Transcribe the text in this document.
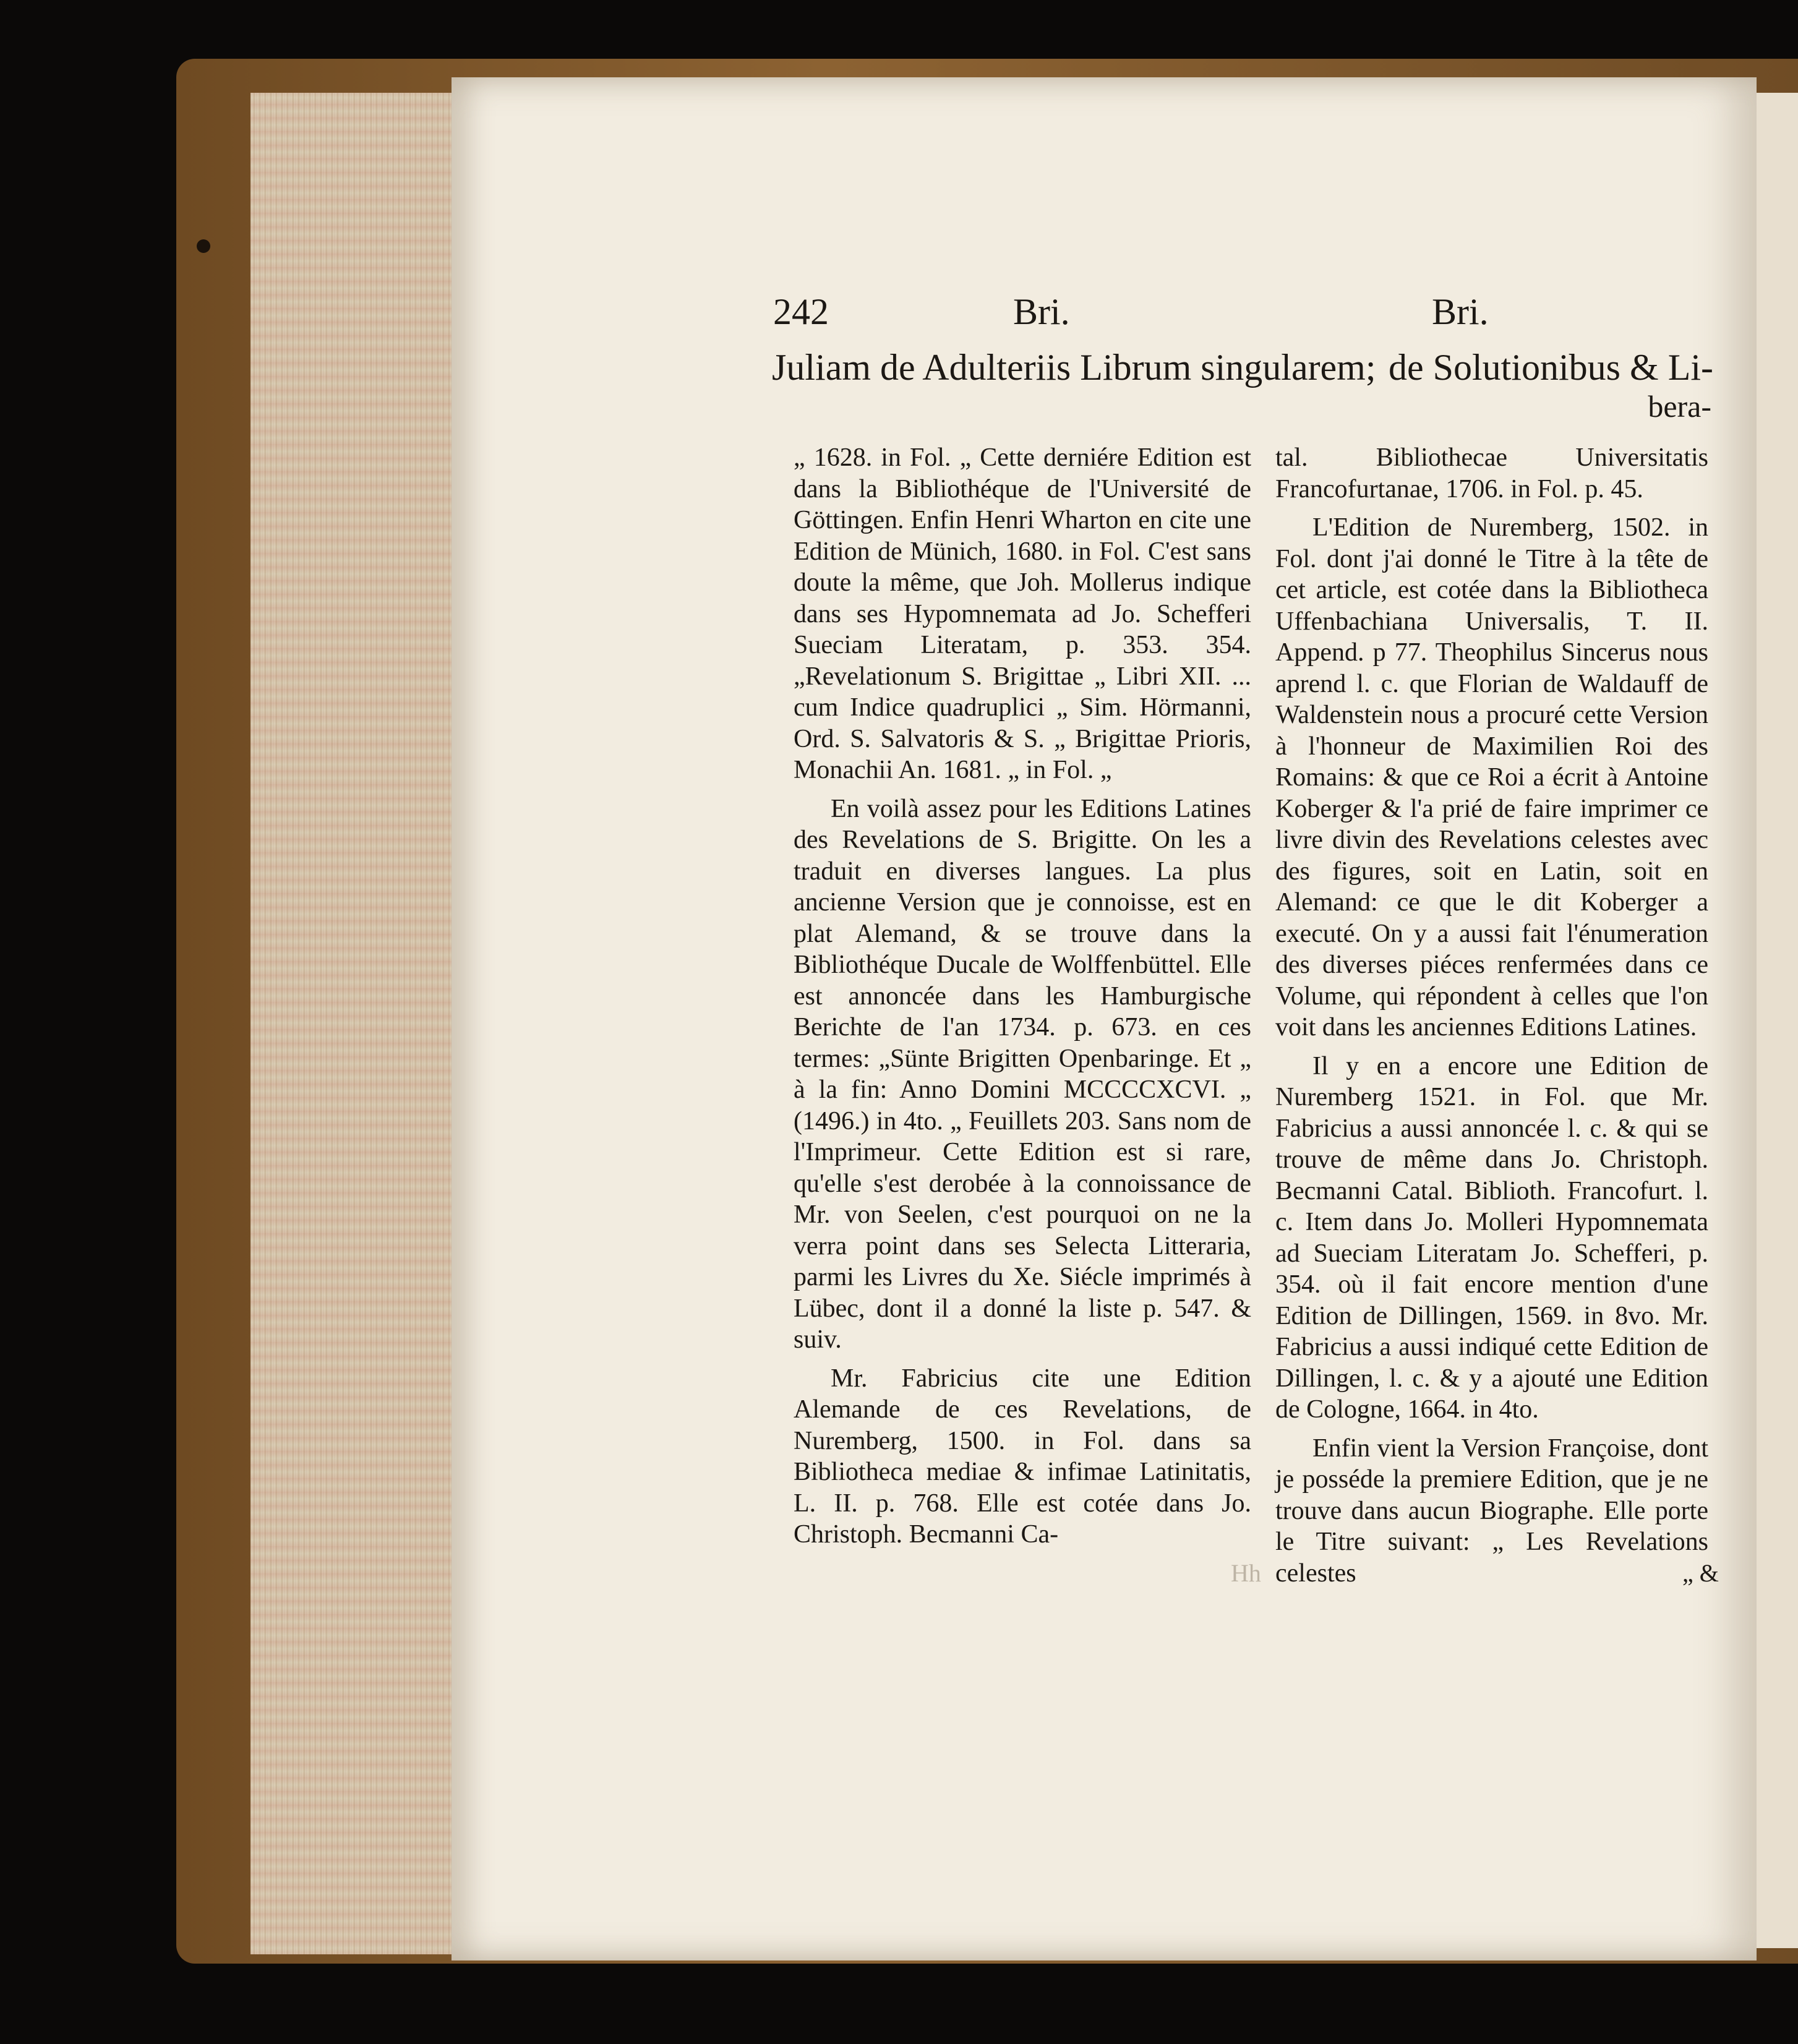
242	Bri.	Bri.
Juliam de Adulteriis Librum singularem; de Solutionibus & Li-
bera-

„ 1628. in Fol. „ Cette derniére Edition est dans la Bibliothéque de l'Université de Göttingen. Enfin Henri Wharton en cite une Edition de Münich, 1680. in Fol. C'est sans doute la même, que Joh. Mollerus indique dans ses Hypomnemata ad Jo. Schefferi Sueciam Literatam, p. 353. 354. „Revelationum S. Brigittae „ Libri XII. ... cum Indice quadruplici „ Sim. Hörmanni, Ord. S. Salvatoris & S. „ Brigittae Prioris, Monachii An. 1681. „ in Fol. „

En voilà assez pour les Editions Latines des Revelations de S. Brigitte. On les a traduit en diverses langues. La plus ancienne Version que je connoisse, est en plat Alemand, & se trouve dans la Bibliothéque Ducale de Wolffenbüttel. Elle est annoncée dans les Hamburgische Berichte de l'an 1734. p. 673. en ces termes: „Sünte Brigitten Openbaringe. Et „ à la fin: Anno Domini MCCCCXCVI. „ (1496.) in 4to. „ Feuillets 203. Sans nom de l'Imprimeur. Cette Edition est si rare, qu'elle s'est derobée à la connoissance de Mr. von Seelen, c'est pourquoi on ne la verra point dans ses Selecta Litteraria, parmi les Livres du Xe. Siécle imprimés à Lübec, dont il a donné la liste p. 547. & suiv.

Mr. Fabricius cite une Edition Alemande de ces Revelations, de Nuremberg, 1500. in Fol. dans sa Bibliotheca mediae & infimae Latinitatis, L. II. p. 768. Elle est cotée dans Jo. Christoph. Becmanni Ca-

tal. Bibliothecae Universitatis Francofurtanae, 1706. in Fol. p. 45.

L'Edition de Nuremberg, 1502. in Fol. dont j'ai donné le Titre à la tête de cet article, est cotée dans la Bibliotheca Uffenbachiana Universalis, T. II. Append. p 77. Theophilus Sincerus nous aprend l. c. que Florian de Waldauff de Waldenstein nous a procuré cette Version à l'honneur de Maximilien Roi des Romains: & que ce Roi a écrit à Antoine Koberger & l'a prié de faire imprimer ce livre divin des Revelations celestes avec des figures, soit en Latin, soit en Alemand: ce que le dit Koberger a executé. On y a aussi fait l'énumeration des diverses piéces renfermées dans ce Volume, qui répondent à celles que l'on voit dans les anciennes Editions Latines.

Il y en a encore une Edition de Nuremberg 1521. in Fol. que Mr. Fabricius a aussi annoncée l. c. & qui se trouve de même dans Jo. Christoph. Becmanni Catal. Biblioth. Francofurt. l. c. Item dans Jo. Molleri Hypomnemata ad Sueciam Literatam Jo. Schefferi, p. 354. où il fait encore mention d'une Edition de Dillingen, 1569. in 8vo. Mr. Fabricius a aussi indiqué cette Edition de Dillingen, l. c. & y a ajouté une Edition de Cologne, 1664. in 4to.

Enfin vient la Version Françoise, dont je posséde la premiere Edition, que je ne trouve dans aucun Biographe. Elle porte le Titre suivant: „ Les Revelations celestes

Hh	„ &
